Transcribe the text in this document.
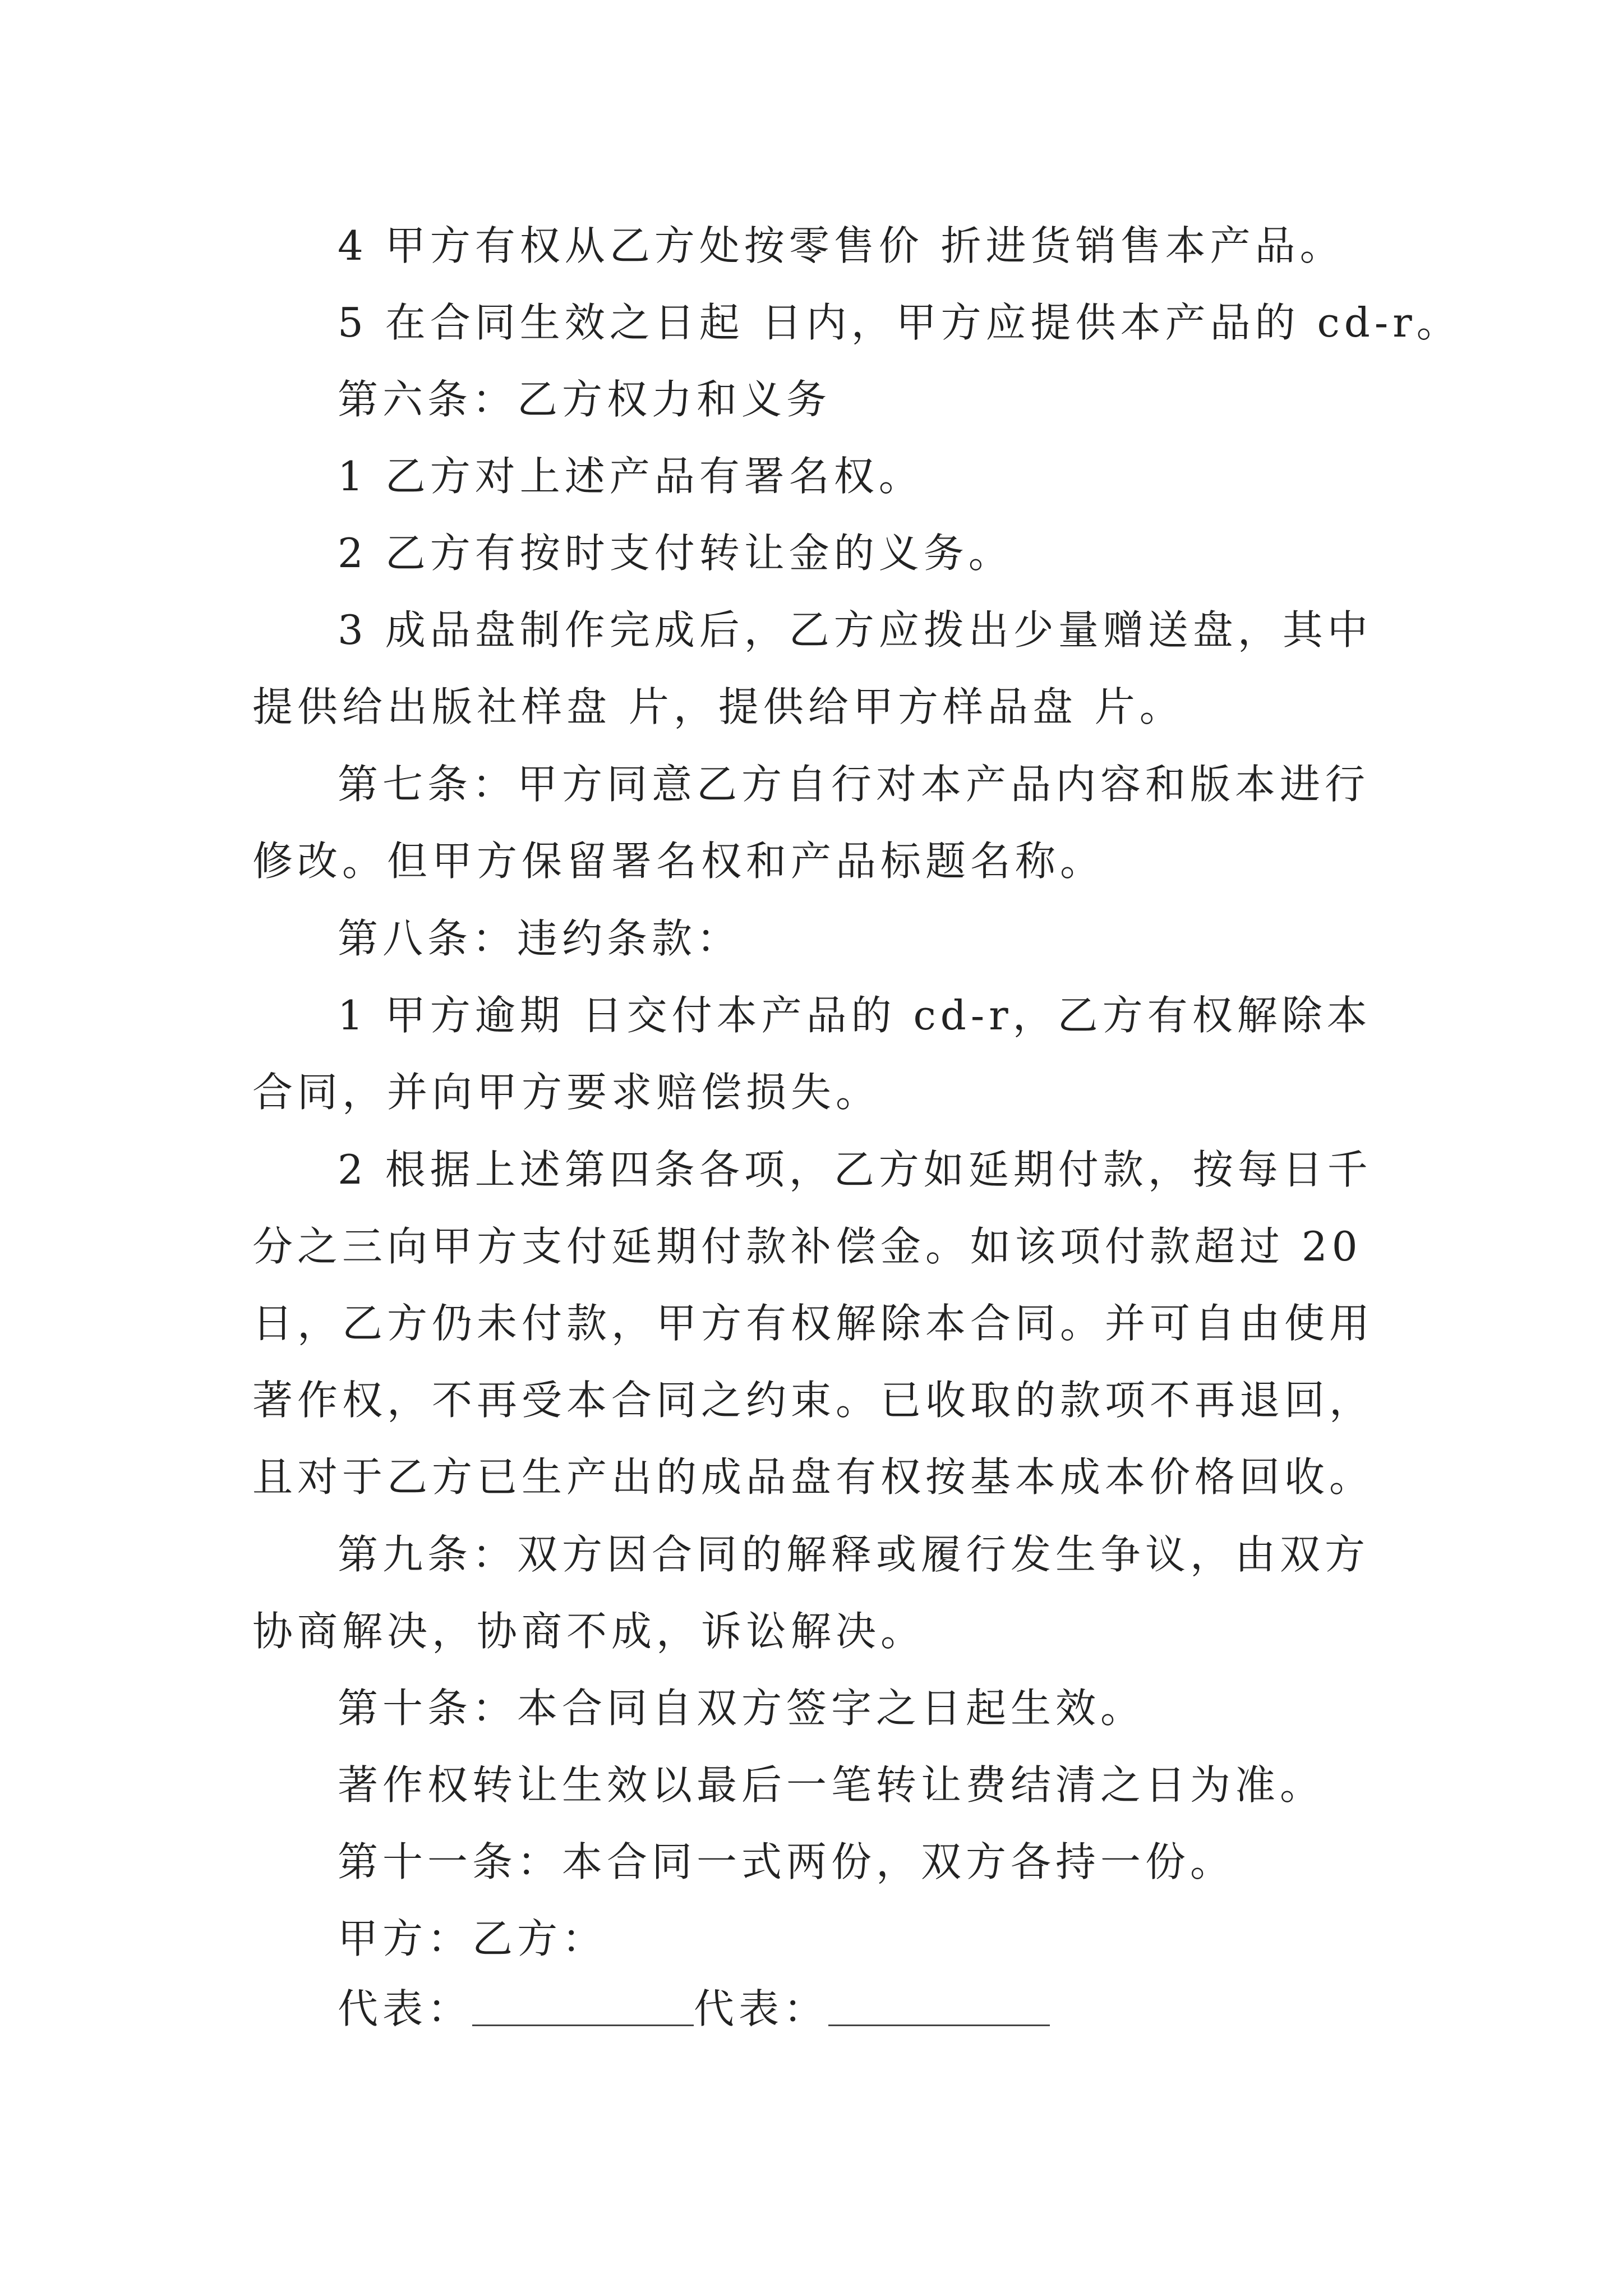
4 甲方有权从乙方处按零售价 折进货销售本产品。

5 在合同生效之日起 日内，甲方应提供本产品的 cd-r。

第六条：乙方权力和义务

1 乙方对上述产品有署名权。

2 乙方有按时支付转让金的义务。

3 成品盘制作完成后，乙方应拨出少量赠送盘，其中提供给出版社样盘 片，提供给甲方样品盘 片。

第七条：甲方同意乙方自行对本产品内容和版本进行修改。但甲方保留署名权和产品标题名称。

第八条：违约条款：

1 甲方逾期 日交付本产品的 cd-r，乙方有权解除本合同，并向甲方要求赔偿损失。

2 根据上述第四条各项，乙方如延期付款，按每日千分之三向甲方支付延期付款补偿金。如该项付款超过 20 日，乙方仍未付款，甲方有权解除本合同。并可自由使用著作权，不再受本合同之约束。已收取的款项不再退回，且对于乙方已生产出的成品盘有权按基本成本价格回收。

第九条：双方因合同的解释或履行发生争议，由双方协商解决，协商不成，诉讼解决。

第十条：本合同自双方签字之日起生效。

著作权转让生效以最后一笔转让费结清之日为准。

第十一条：本合同一式两份，双方各持一份。

甲方：乙方：

代表：	代表：
